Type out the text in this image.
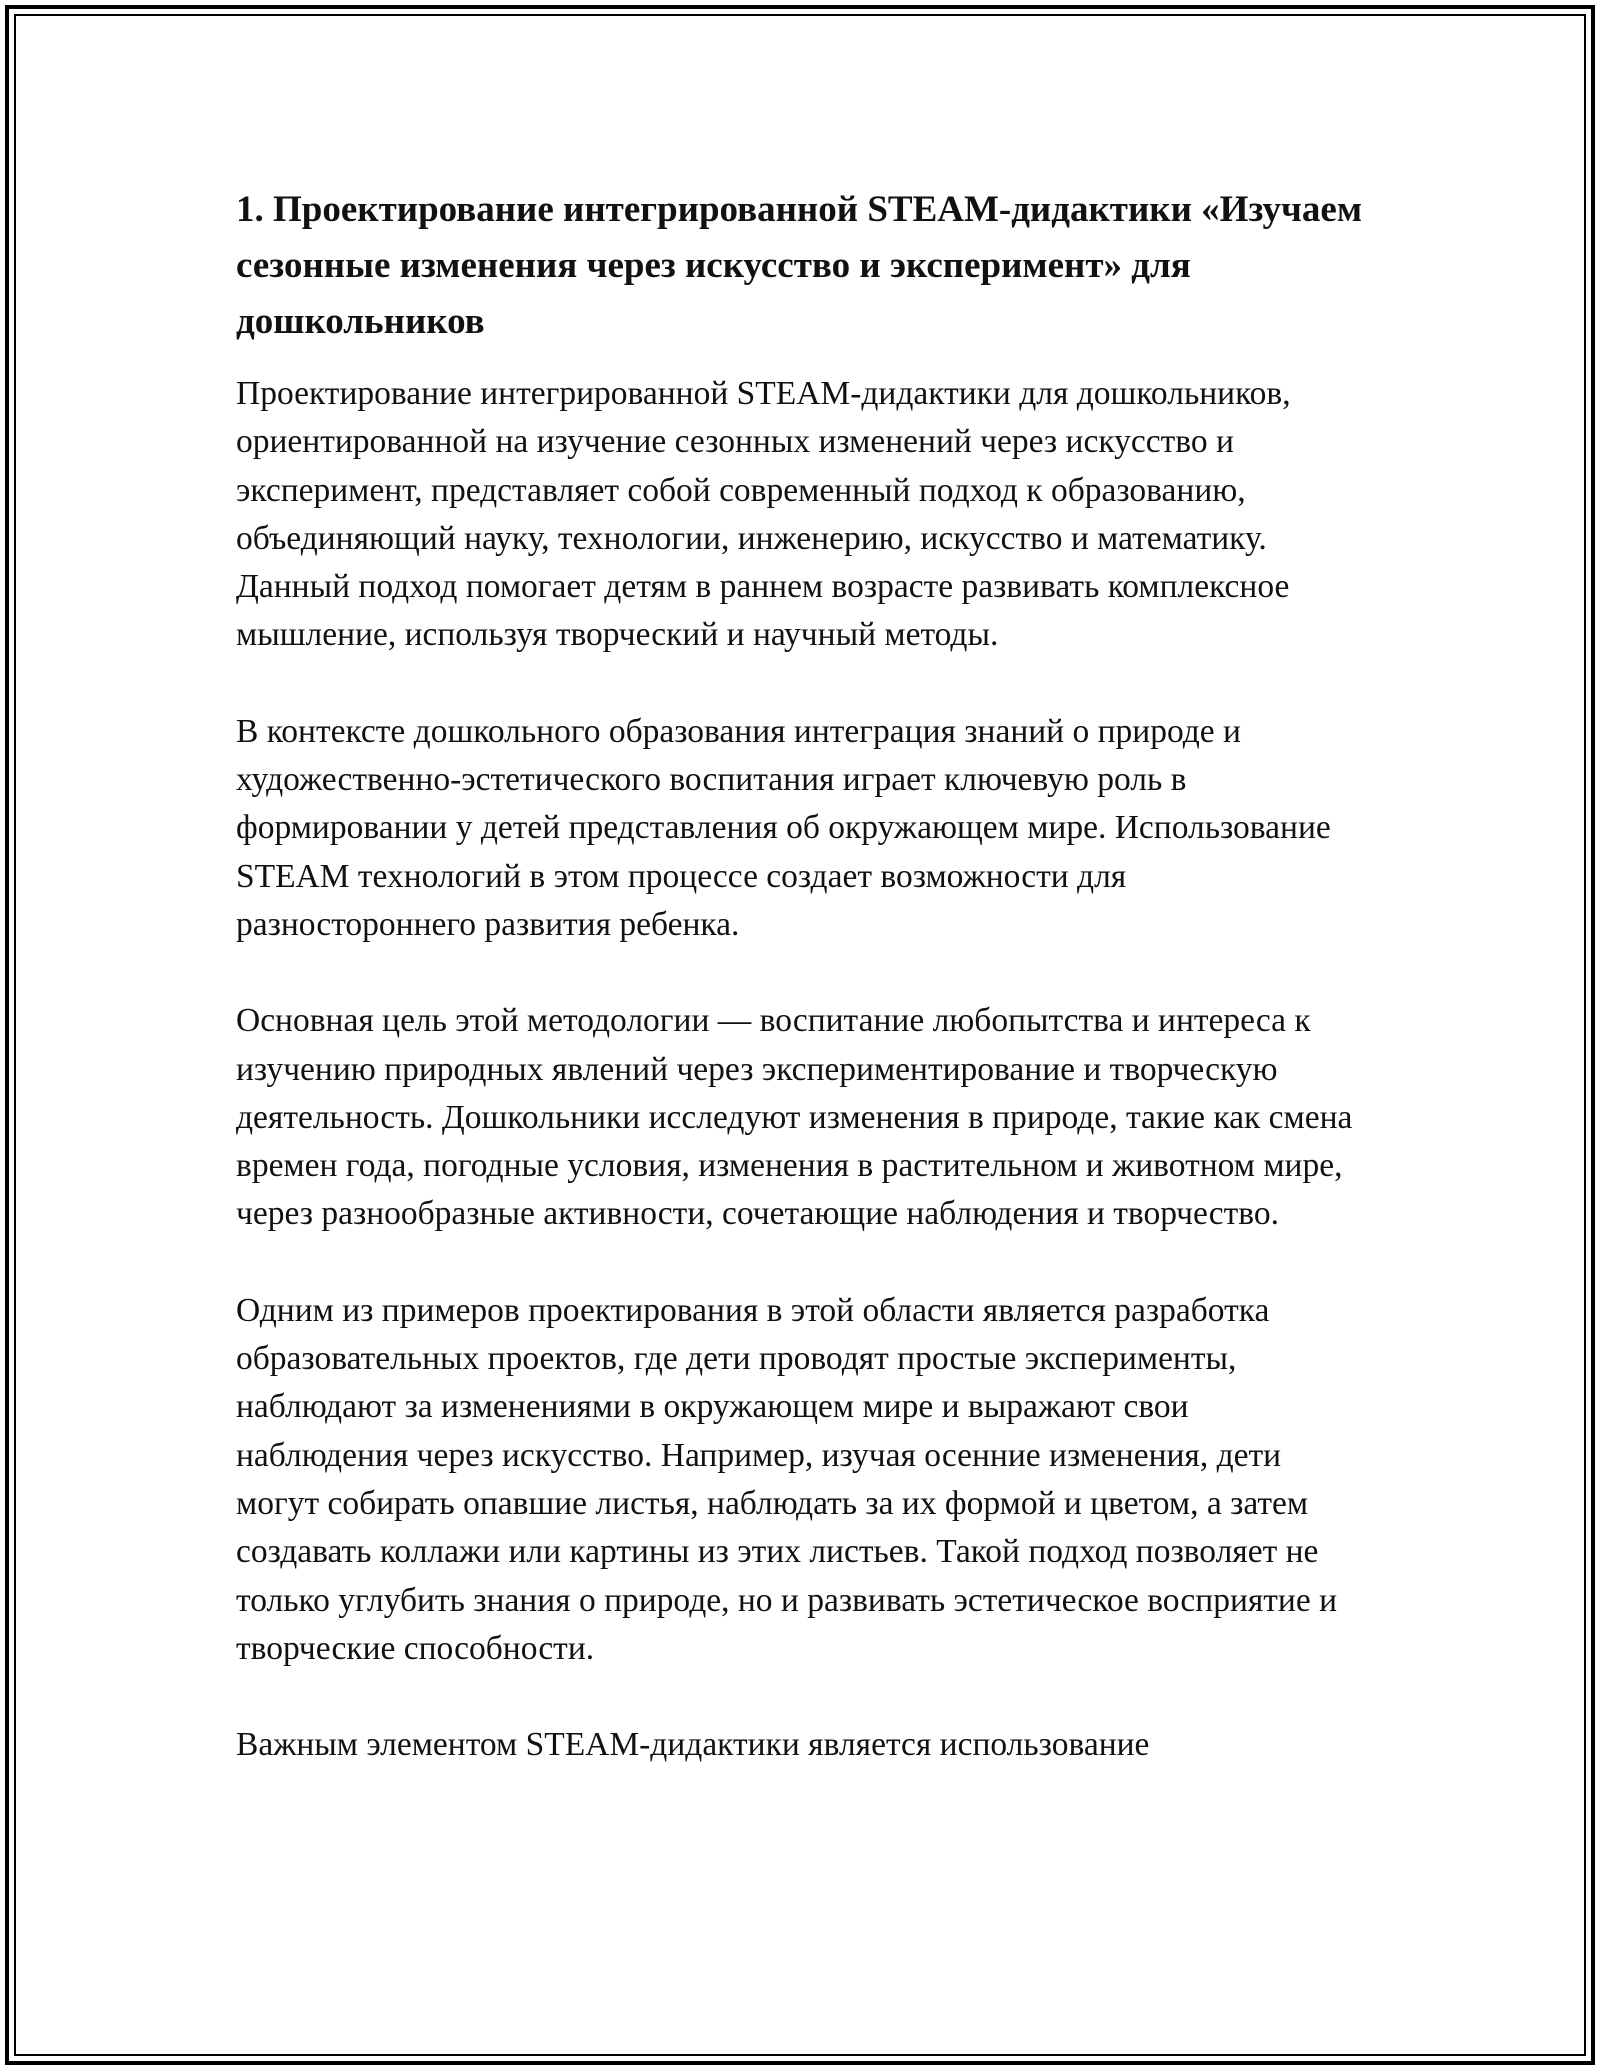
1. Проектирование интегрированной STEAM-дидактики «Изучаем сезонные изменения через искусство и эксперимент» для дошкольников

Проектирование интегрированной STEAM-дидактики для дошкольников, ориентированной на изучение сезонных изменений через искусство и эксперимент, представляет собой современный подход к образованию, объединяющий науку, технологии, инженерию, искусство и математику. Данный подход помогает детям в раннем возрасте развивать комплексное мышление, используя творческий и научный методы.

В контексте дошкольного образования интеграция знаний о природе и художественно-эстетического воспитания играет ключевую роль в формировании у детей представления об окружающем мире. Использование STEAM технологий в этом процессе создает возможности для разностороннего развития ребенка.

Основная цель этой методологии — воспитание любопытства и интереса к изучению природных явлений через экспериментирование и творческую деятельность. Дошкольники исследуют изменения в природе, такие как смена времен года, погодные условия, изменения в растительном и животном мире, через разнообразные активности, сочетающие наблюдения и творчество.

Одним из примеров проектирования в этой области является разработка образовательных проектов, где дети проводят простые эксперименты, наблюдают за изменениями в окружающем мире и выражают свои наблюдения через искусство. Например, изучая осенние изменения, дети могут собирать опавшие листья, наблюдать за их формой и цветом, а затем создавать коллажи или картины из этих листьев. Такой подход позволяет не только углубить знания о природе, но и развивать эстетическое восприятие и творческие способности.

Важным элементом STEAM-дидактики является использование
